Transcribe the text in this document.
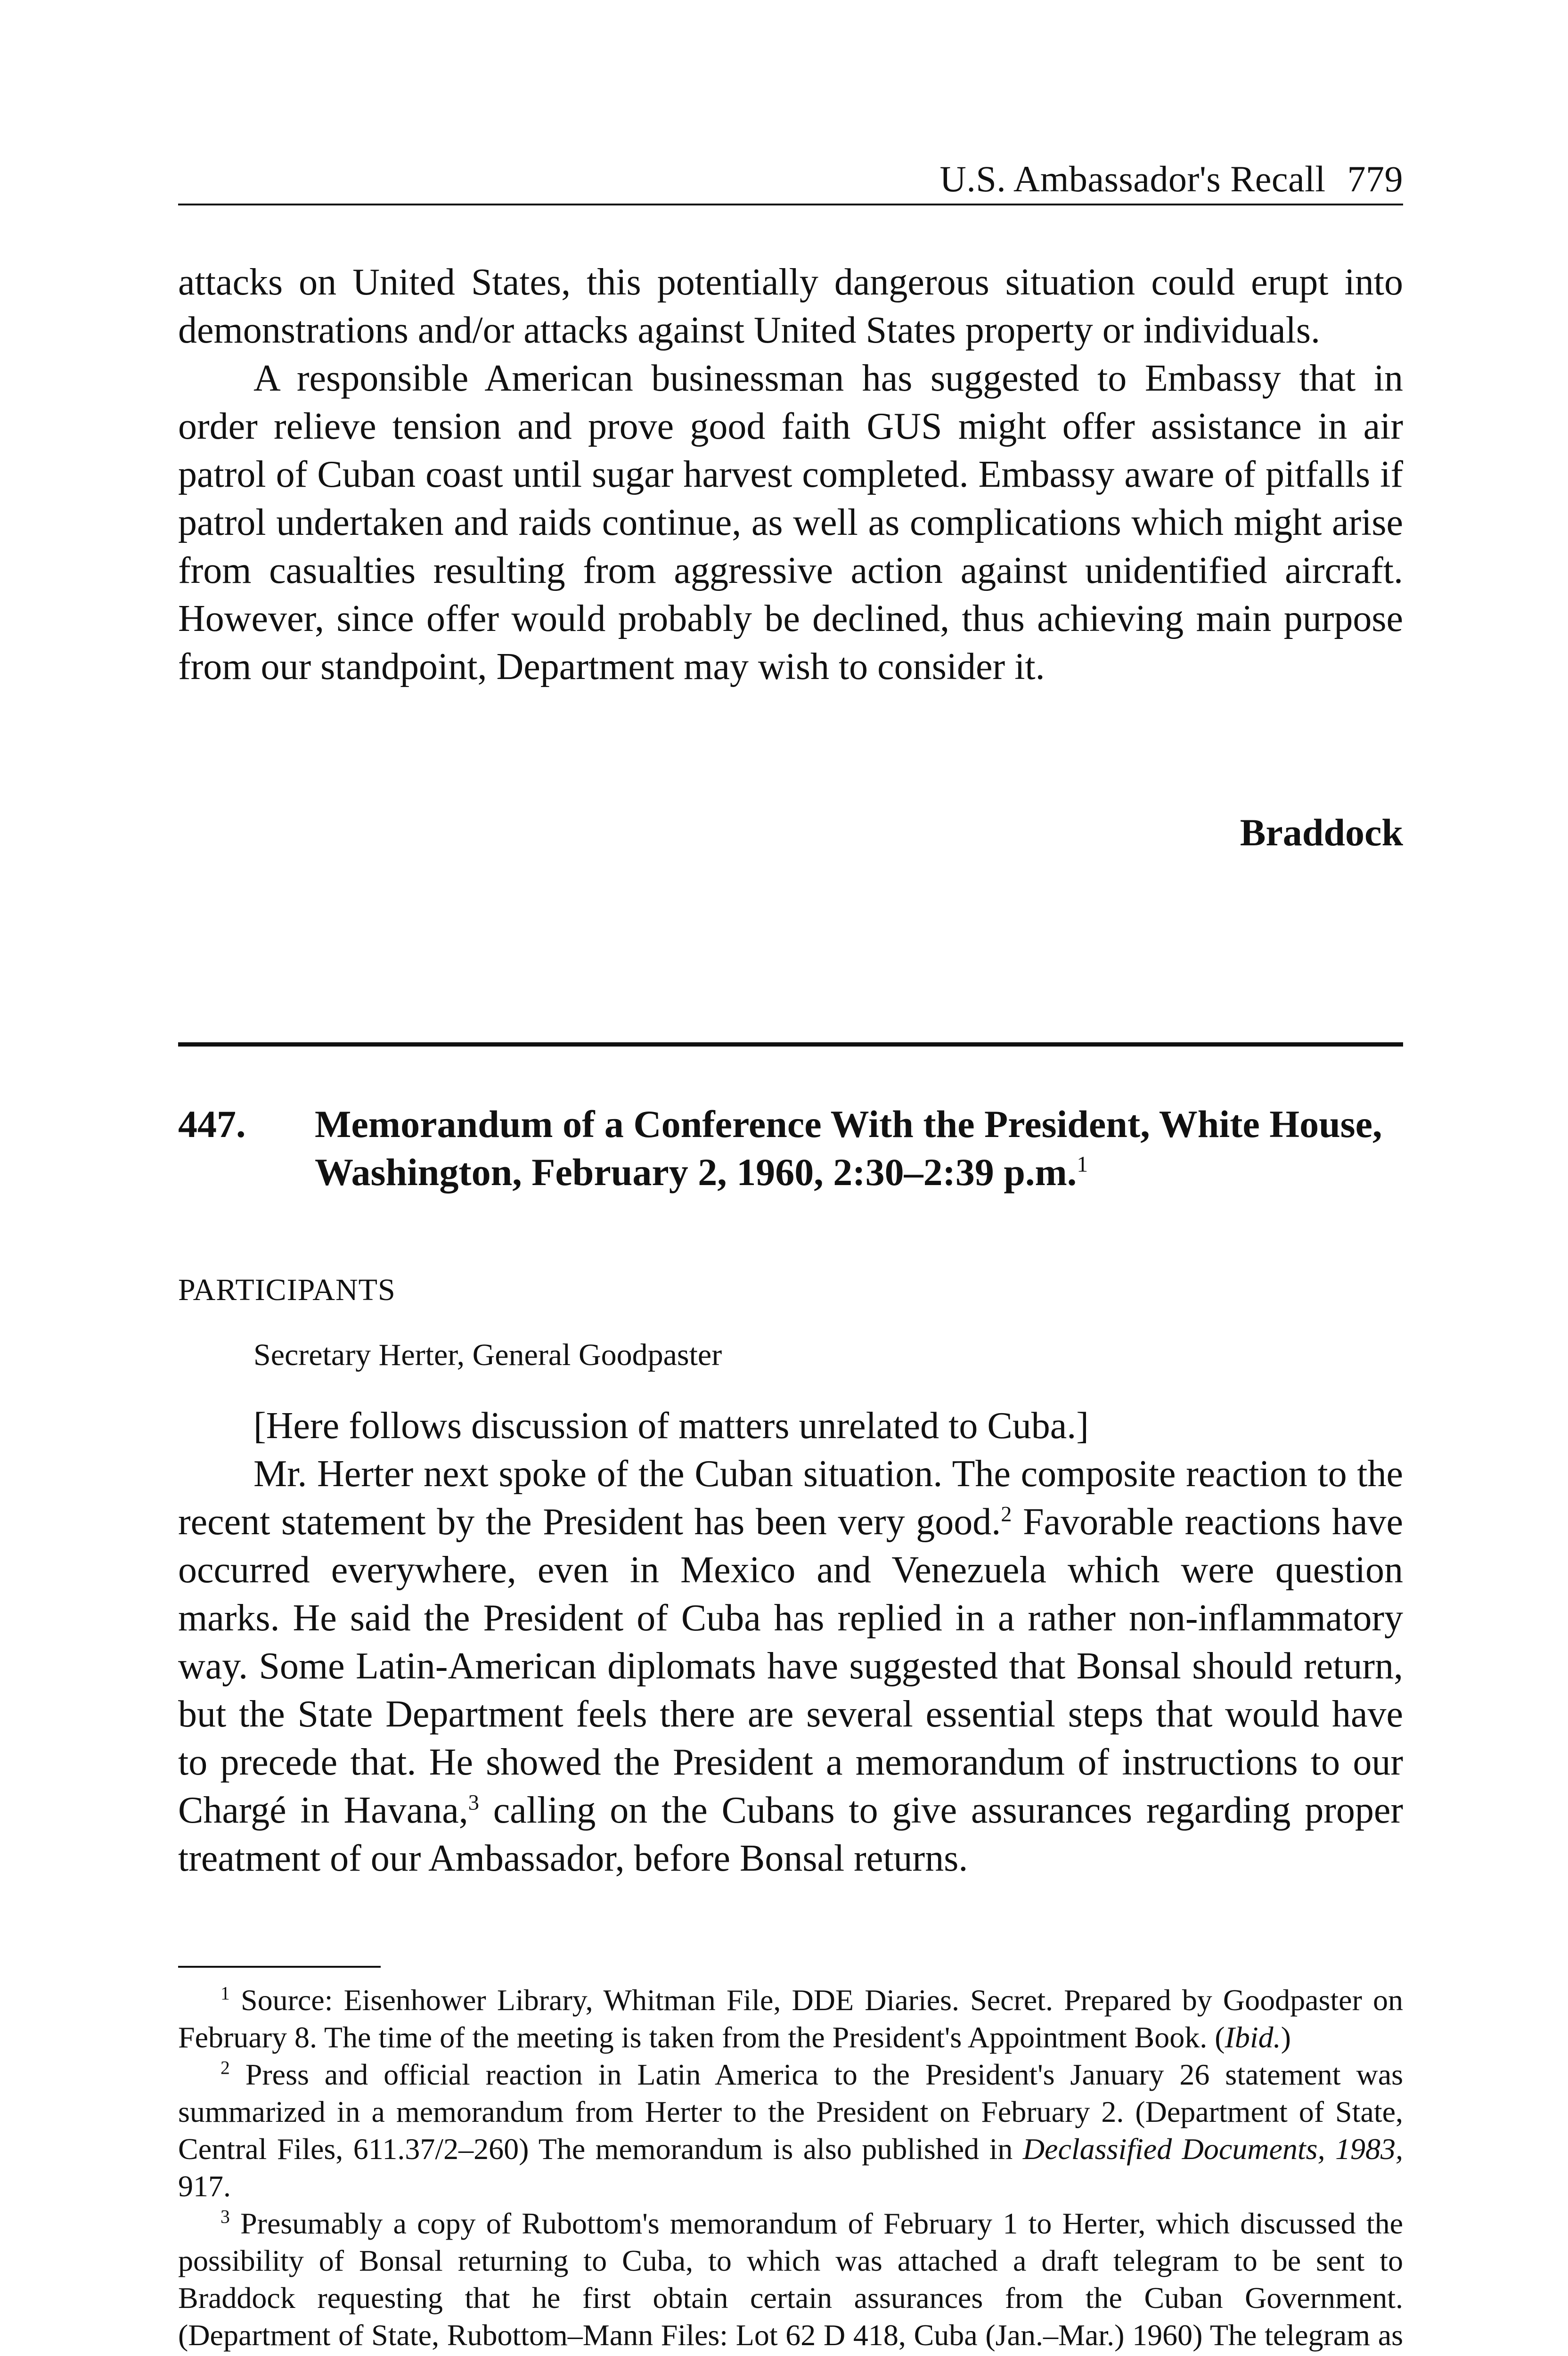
U.S. Ambassador's Recall 779

attacks on United States, this potentially dangerous situation could erupt into demonstrations and/or attacks against United States property or individuals.

A responsible American businessman has suggested to Embassy that in order relieve tension and prove good faith GUS might offer assistance in air patrol of Cuban coast until sugar harvest completed. Embassy aware of pitfalls if patrol undertaken and raids continue, as well as complications which might arise from casualties resulting from aggressive action against unidentified aircraft. However, since offer would probably be declined, thus achieving main purpose from our standpoint, Department may wish to consider it.

Braddock
447. Memorandum of a Conference With the President, White House, Washington, February 2, 1960, 2:30–2:39 p.m.$^1$
PARTICIPANTS
Secretary Herter, General Goodpaster

[Here follows discussion of matters unrelated to Cuba.]

Mr. Herter next spoke of the Cuban situation. The composite reaction to the recent statement by the President has been very good.$^2$ Favorable reactions have occurred everywhere, even in Mexico and Venezuela which were question marks. He said the President of Cuba has replied in a rather non-inflammatory way. Some Latin-American diplomats have suggested that Bonsal should return, but the State Department feels there are several essential steps that would have to precede that. He showed the President a memorandum of instructions to our Chargé in Havana,$^3$ calling on the Cubans to give assurances regarding proper treatment of our Ambassador, before Bonsal returns.

$^1$ Source: Eisenhower Library, Whitman File, DDE Diaries. Secret. Prepared by Goodpaster on February 8. The time of the meeting is taken from the President's Appointment Book. (Ibid.)

$^2$ Press and official reaction in Latin America to the President's January 26 statement was summarized in a memorandum from Herter to the President on February 2. (Department of State, Central Files, 611.37/2–260) The memorandum is also published in Declassified Documents, 1983, 917.

$^3$ Presumably a copy of Rubottom's memorandum of February 1 to Herter, which discussed the possibility of Bonsal returning to Cuba, to which was attached a draft telegram to be sent to Braddock requesting that he first obtain certain assurances from the Cuban Government. (Department of State, Rubottom–Mann Files: Lot 62 D 418, Cuba (Jan.–Mar.) 1960) The telegram as
